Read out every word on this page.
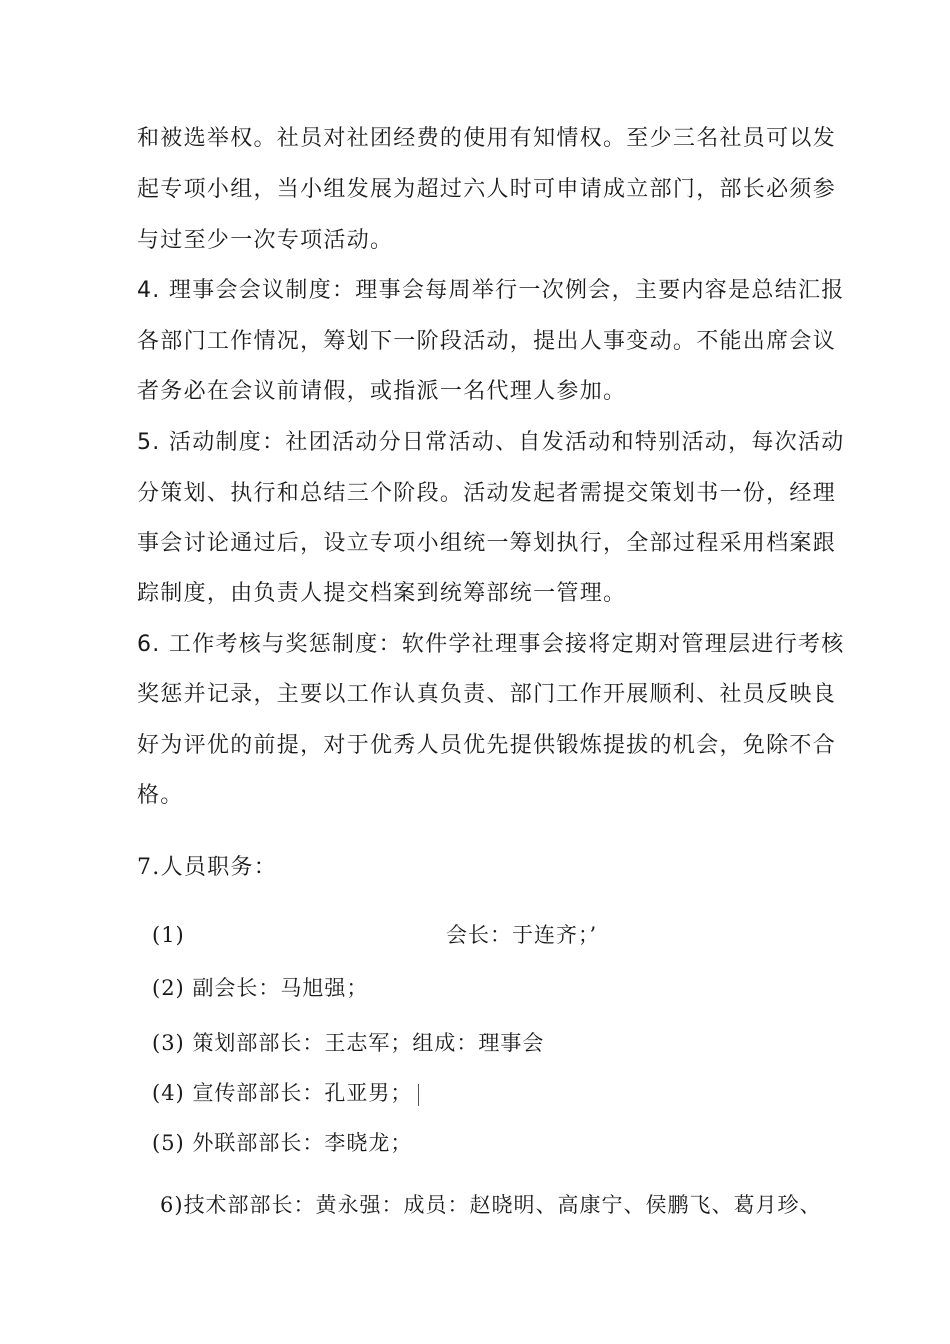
和被选举权。社员对社团经费的使用有知情权。至少三名社员可以发
起专项小组，当小组发展为超过六人时可申请成立部门，部长必须参
与过至少一次专项活动。
4. 理事会会议制度：理事会每周举行一次例会，主要内容是总结汇报
各部门工作情况，筹划下一阶段活动，提出人事变动。不能出席会议
者务必在会议前请假，或指派一名代理人参加。
5. 活动制度：社团活动分日常活动、自发活动和特别活动，每次活动
分策划、执行和总结三个阶段。活动发起者需提交策划书一份，经理
事会讨论通过后，设立专项小组统一筹划执行，全部过程采用档案跟
踪制度，由负责人提交档案到统筹部统一管理。
6. 工作考核与奖惩制度：软件学社理事会接将定期对管理层进行考核
奖惩并记录，主要以工作认真负责、部门工作开展顺利、社员反映良
好为评优的前提，对于优秀人员优先提供锻炼提拔的机会，免除不合
格。
7.人员职务：
(1)	会长：于连齐；’
(2) 副会长：马旭强；
(3) 策划部部长：王志军；组成：理事会
(4) 宣传部部长：孔亚男；
(5) 外联部部长：李晓龙；
6)技术部部长：黄永强：成员：赵晓明、高康宁、侯鹏飞、葛月珍、
